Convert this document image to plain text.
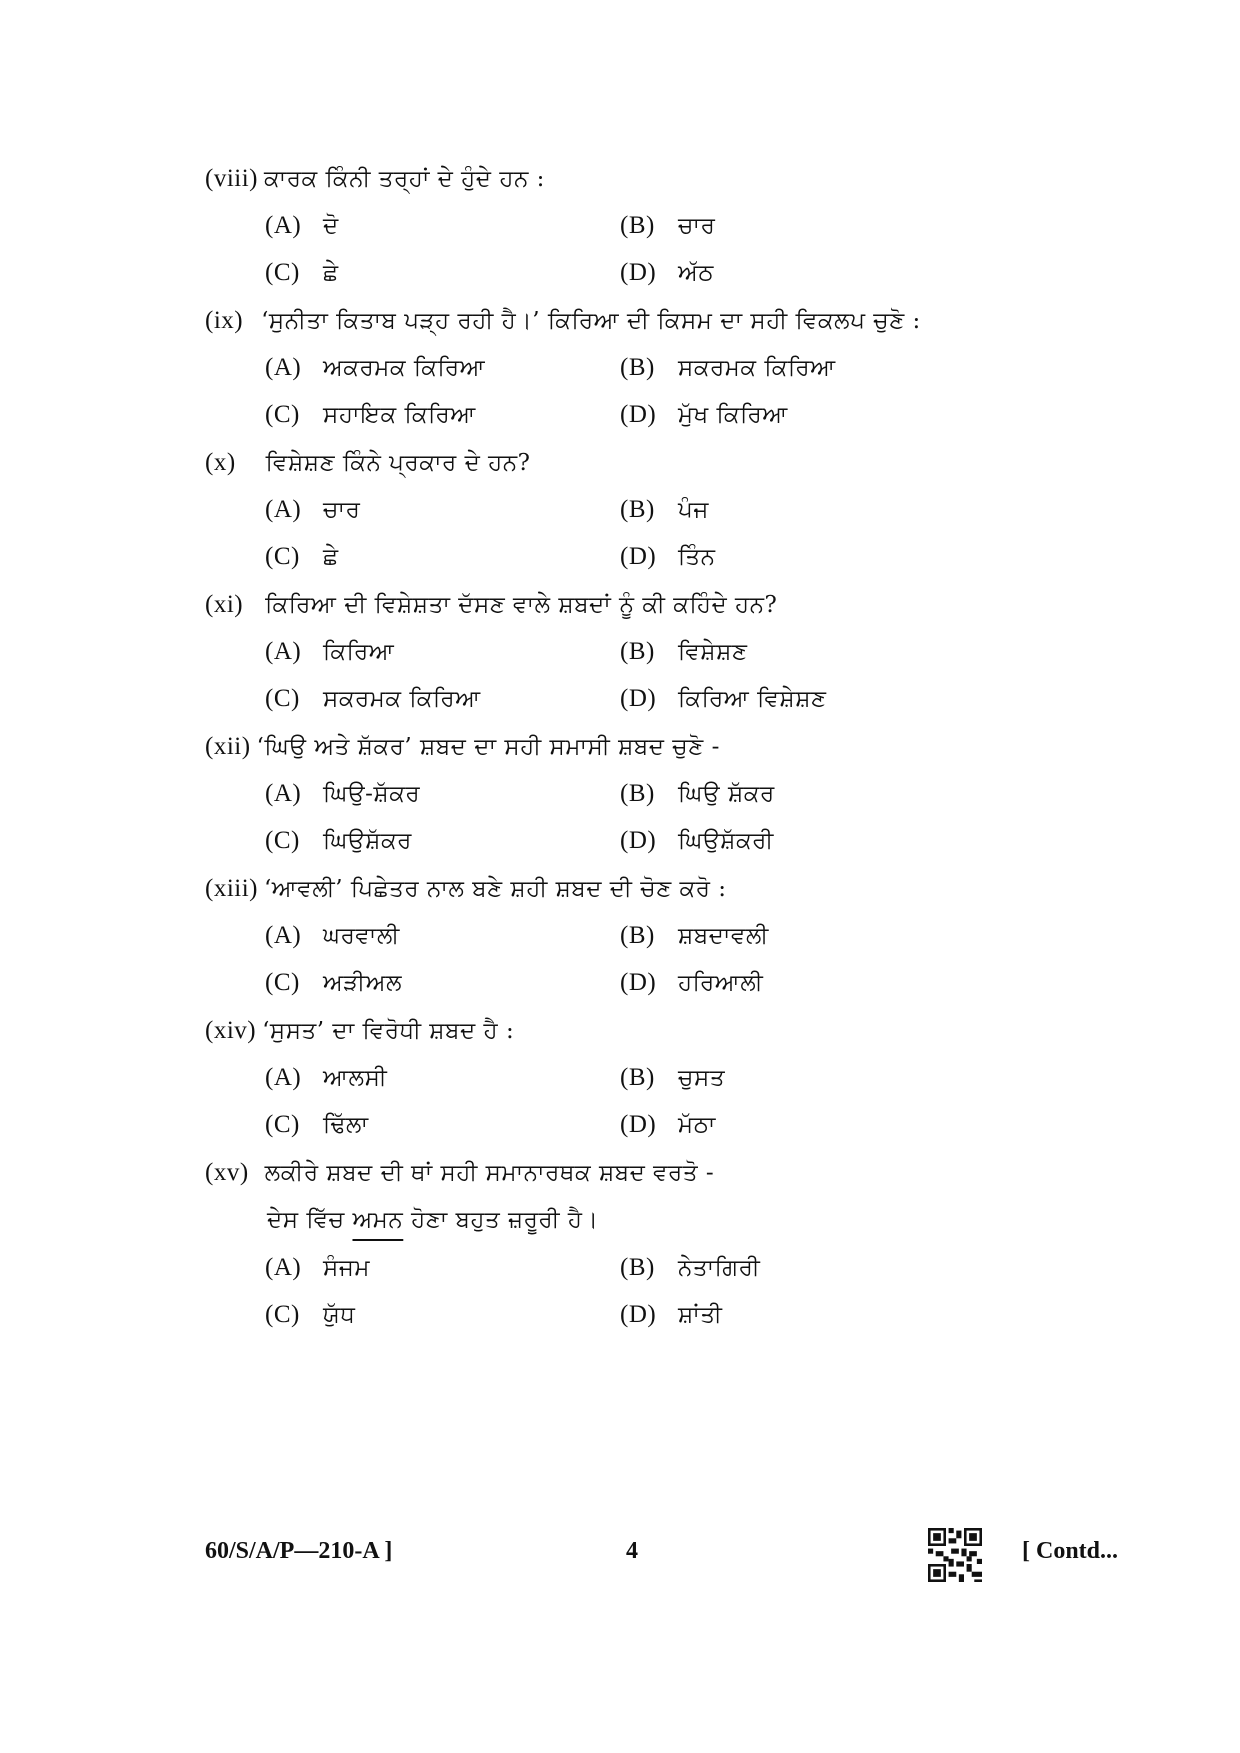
(viii) ਕਾਰਕ ਕਿੰਨੀ ਤਰ੍ਹਾਂ ਦੇ ਹੁੰਦੇ ਹਨ :
(A) ਦੋ	(B) ਚਾਰ
(C) ਛੇ	(D) ਅੱਠ
(ix) ‘ਸੁਨੀਤਾ ਕਿਤਾਬ ਪੜ੍ਹ ਰਹੀ ਹੈ।’ ਕਿਰਿਆ ਦੀ ਕਿਸਮ ਦਾ ਸਹੀ ਵਿਕਲਪ ਚੁਣੋ :
(A) ਅਕਰਮਕ ਕਿਰਿਆ	(B) ਸਕਰਮਕ ਕਿਰਿਆ
(C) ਸਹਾਇਕ ਕਿਰਿਆ	(D) ਮੁੱਖ ਕਿਰਿਆ
(x) ਵਿਸ਼ੇਸ਼ਣ ਕਿੰਨੇ ਪ੍ਰਕਾਰ ਦੇ ਹਨ?
(A) ਚਾਰ	(B) ਪੰਜ
(C) ਛੇ	(D) ਤਿੰਨ
(xi) ਕਿਰਿਆ ਦੀ ਵਿਸ਼ੇਸ਼ਤਾ ਦੱਸਣ ਵਾਲੇ ਸ਼ਬਦਾਂ ਨੂੰ ਕੀ ਕਹਿੰਦੇ ਹਨ?
(A) ਕਿਰਿਆ	(B) ਵਿਸ਼ੇਸ਼ਣ
(C) ਸਕਰਮਕ ਕਿਰਿਆ	(D) ਕਿਰਿਆ ਵਿਸ਼ੇਸ਼ਣ
(xii) ‘ਘਿਉ ਅਤੇ ਸ਼ੱਕਰ’ ਸ਼ਬਦ ਦਾ ਸਹੀ ਸਮਾਸੀ ਸ਼ਬਦ ਚੁਣੋ -
(A) ਘਿਉ-ਸ਼ੱਕਰ	(B) ਘਿਉ ਸ਼ੱਕਰ
(C) ਘਿਉਸ਼ੱਕਰ	(D) ਘਿਉਸ਼ੱਕਰੀ
(xiii) ‘ਆਵਲੀ’ ਪਿਛੇਤਰ ਨਾਲ ਬਣੇ ਸ਼ਹੀ ਸ਼ਬਦ ਦੀ ਚੋਣ ਕਰੋ :
(A) ਘਰਵਾਲੀ	(B) ਸ਼ਬਦਾਵਲੀ
(C) ਅੜੀਅਲ	(D) ਹਰਿਆਲੀ
(xiv) ‘ਸੁਸਤ’ ਦਾ ਵਿਰੋਧੀ ਸ਼ਬਦ ਹੈ :
(A) ਆਲਸੀ	(B) ਚੁਸਤ
(C) ਢਿੱਲਾ	(D) ਮੱਠਾ
(xv) ਲਕੀਰੇ ਸ਼ਬਦ ਦੀ ਥਾਂ ਸਹੀ ਸਮਾਨਾਰਥਕ ਸ਼ਬਦ ਵਰਤੋ -
ਦੇਸ ਵਿੱਚ ਅਮਨ ਹੋਣਾ ਬਹੁਤ ਜ਼ਰੂਰੀ ਹੈ।
(A) ਸੰਜਮ	(B) ਨੇਤਾਗਿਰੀ
(C) ਯੁੱਧ	(D) ਸ਼ਾਂਤੀ
60/S/A/P—210-A ]	4	[ Contd...
